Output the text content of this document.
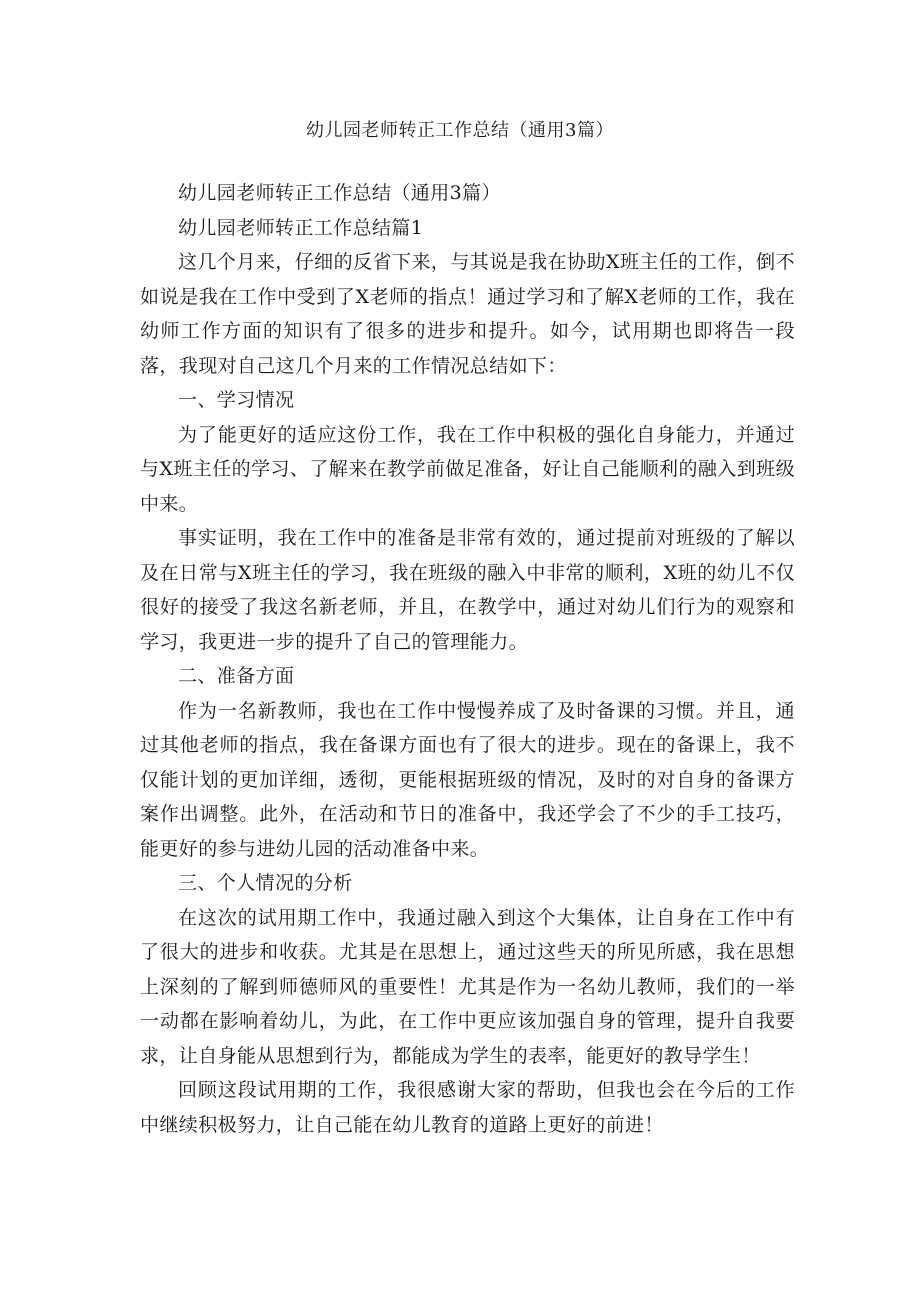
幼儿园老师转正工作总结（通用3篇）

幼儿园老师转正工作总结（通用3篇）

幼儿园老师转正工作总结篇1

这几个月来，仔细的反省下来，与其说是我在协助X班主任的工作，倒不如说是我在工作中受到了X老师的指点！通过学习和了解X老师的工作，我在幼师工作方面的知识有了很多的进步和提升。如今，试用期也即将告一段落，我现对自己这几个月来的工作情况总结如下：

一、学习情况

为了能更好的适应这份工作，我在工作中积极的强化自身能力，并通过与X班主任的学习、了解来在教学前做足准备，好让自己能顺利的融入到班级中来。

事实证明，我在工作中的准备是非常有效的，通过提前对班级的了解以及在日常与X班主任的学习，我在班级的融入中非常的顺利，X班的幼儿不仅很好的接受了我这名新老师，并且，在教学中，通过对幼儿们行为的观察和学习，我更进一步的提升了自己的管理能力。

二、准备方面

作为一名新教师，我也在工作中慢慢养成了及时备课的习惯。并且，通过其他老师的指点，我在备课方面也有了很大的进步。现在的备课上，我不仅能计划的更加详细，透彻，更能根据班级的情况，及时的对自身的备课方案作出调整。此外，在活动和节日的准备中，我还学会了不少的手工技巧，能更好的参与进幼儿园的活动准备中来。

三、个人情况的分析

在这次的试用期工作中，我通过融入到这个大集体，让自身在工作中有了很大的进步和收获。尤其是在思想上，通过这些天的所见所感，我在思想上深刻的了解到师德师风的重要性！尤其是作为一名幼儿教师，我们的一举一动都在影响着幼儿，为此，在工作中更应该加强自身的管理，提升自我要求，让自身能从思想到行为，都能成为学生的表率，能更好的教导学生！

回顾这段试用期的工作，我很感谢大家的帮助，但我也会在今后的工作中继续积极努力，让自己能在幼儿教育的道路上更好的前进！
